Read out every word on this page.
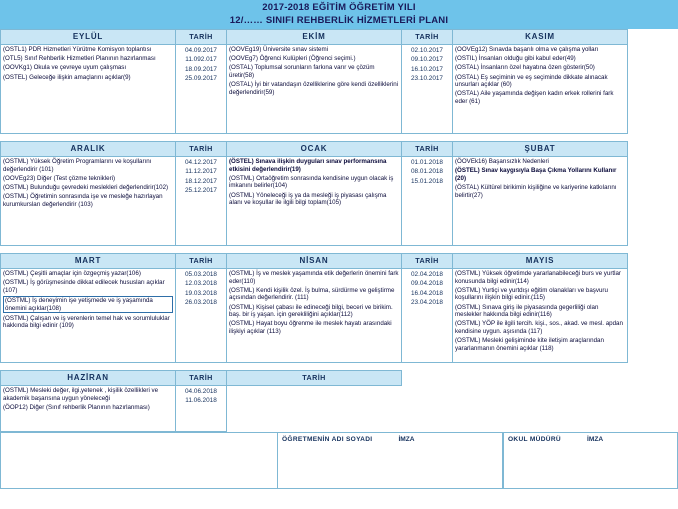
2017-2018 EĞİTİM ÖĞRETİM YILI
12/…… SINIFI REHBERLİK HİZMETLERİ PLANI
EYLÜL	TARİH	EKİM	TARİH	KASIM

(OSTL1) PDR Hizmetleri Yürütme Komisyon toplantısı
(OTL5) Sınıf Rehberlik Hizmetleri Planının hazırlanması
(OOVKg1) Okula ve çevreye uyum çalışması
(OSTEL) Geleceğe ilişkin amaçlarını açıklar(9)

04.09.2017
11.092.017
18.09.2017
25.09.2017

(OOVEg19) Üniversite sınav sistemi
(OOVEg7) Öğrenci Kulüpleri (Öğrenci seçimi.)
(OSTAL) Toplumsal sorunların farkına varır ve çözüm üretir(58)
(OSTAL) İyi bir vatandaşın özelliklerine göre kendi özelliklerini değerlendirir(59)

02.10.2017
09.10.2017
16.10.2017
23.10.2017

(OOVEg12) Sınavda başarılı olma ve çalışma yolları
(OSTIL) İnsanları olduğu gibi kabul eder(49)
(OSTAL) İnsanların özel hayatına özen gösterir(50)
(OSTAL) Eş seçiminin ve eş seçiminde dikkate alınacak unsurları açıklar (60)
(OSTAL) Aile yaşamında değişen kadın erkek rollerini fark eder (61)

ARALIK	TARİH	OCAK	TARİH	ŞUBAT

(OSTML) Yüksek Öğretim Programlarını ve koşullarını değerlendirir (101)
(OOVEg23) Diğer (Test çözme teknikleri)
(OSTML) Bulunduğu çevredeki meslekleri değerlendirir(102)
(OSTML) Öğretimin sonrasında işe ve mesleğe hazırlayan kurumkursları değerlendirir (103)

04.12.2017
11.12.2017
18.12.2017
25.12.2017

(ÖSTEL) Sınava ilişkin duyguları sınav performansına etkisini değerlendirir(19)
(OSTML) Ortaöğretim sonrasında kendisine uygun olacak iş imkanını belirler(104)
(OSTML) Yöneleceği iş ya da mesleği iş piyasası çalışma alanı ve koşullar ile ilgili bilgi toplam(105)

01.01.2018
08.01.2018
15.01.2018

(ÖOVEk16) Başarısızlık Nedenleri
(ÖSTEL) Sınav kaygısıyla Başa Çıkma Yollarını Kullanır (20)
(ÖSTAL) Kültürel birikimin kişiliğine ve kariyerine katkılarını belirtir(27)

MART	TARİH	NİSAN	TARİH	MAYIS

(OSTML) Çeşitli amaçlar için özgeçmiş yazar(106)
(OSTML) İş görüşmesinde dikkat edilecek hususları açıklar (107)
(OSTML) İş deneyimin işe yetişmede ve iş yaşamında önemini açıklar(108)
(OSTML) Çalışan ve iş verenlerin temel hak ve sorumluluklar hakkında bilgi edinir (109)

05.03.2018
12.03.2018
19.03.2018
26.03.2018

(OSTML) İş ve meslek yaşamında etik değerlerin önemini fark eder(110)
(OSTML) Kendi kişilik özel. İş bulma, sürdürme ve geliştirme açısından değerlendirir. (111)
(OSTML) Kişisel çabası ile edineceği bilgi, beceri ve birikim. baş. bir iş yaşan. için gerekliliğini açıklar(112)
(OSTML) Hayat boyu öğrenme ile meslek hayatı arasındaki ilişkiyi açıklar (113)

02.04.2018
09.04.2018
16.04.2018
23.04.2018

(OSTML) Yüksek öğretimde yararlanabileceği burs ve yurtlar konusunda bilgi edinir(114)
(OSTML) Yurtiçi ve yurtdışı eğitim olanakları ve başvuru koşullarını ilişkin bilgi edinir.(115)
(OSTML) Sınava giriş ile piyasasında gegerliliği olan meslekler hakkında bilgi edinir(116)
(OSTML) YÖP ile ilgili tercih. kişi., sos., akad. ve mesl. apdan kendisine uygun. aşısında (117)
(OSTML) Mesleki gelişiminde kite iletişim araçlarından yararlanmanın önemini açıklar (118)

HAZİRAN	TARİH	TARİH		

(OSTML) Mesleki değer, ilgi,yetenek , kişilik özellikleri ve akademik başarısına uygun yöneleceği
(ÖOP12) Diğer (Sınıf rehberlik Planının hazırlanması)

04.06.2018
11.06.2018

ÖĞRETMENİN ADI SOYADI	İMZA	OKUL MÜDÜRÜ	İMZA
